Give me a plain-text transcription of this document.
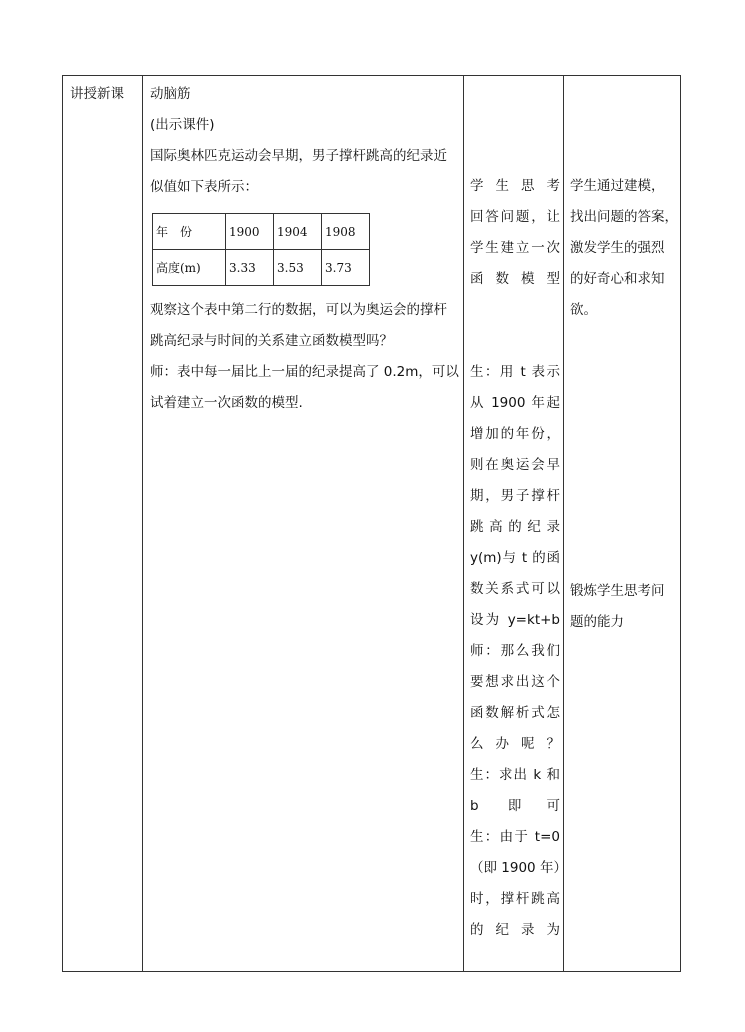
讲授新课 动脑筋
(出示课件)
国际奥林匹克运动会早期，男子撑杆跳高的纪录近
似值如下表所示：
年　份	1900	1904	1908
高度(m)	3.33	3.53	3.73
观察这个表中第二行的数据，可以为奥运会的撑杆
跳高纪录与时间的关系建立函数模型吗？
师：表中每一届比上一届的纪录提高了 0.2m，可以
试着建立一次函数的模型.
学生思考
回答问题，让
学生建立一次
函数模型
生：用 t 表示
从 1900 年起
增加的年份，
则在奥运会早
期，男子撑杆
跳高的纪录
y(m)与 t 的函
数关系式可以
设为 y=kt+b
师：那么我们
要想求出这个
函数解析式怎
么办呢？
生：求出 k 和
b 即可
生：由于 t=0
（即 1900 年）
时，撑杆跳高
的 纪 录 为
学生通过建模，
找出问题的答案，
激发学生的强烈
的好奇心和求知
欲。
锻炼学生思考问
题的能力
